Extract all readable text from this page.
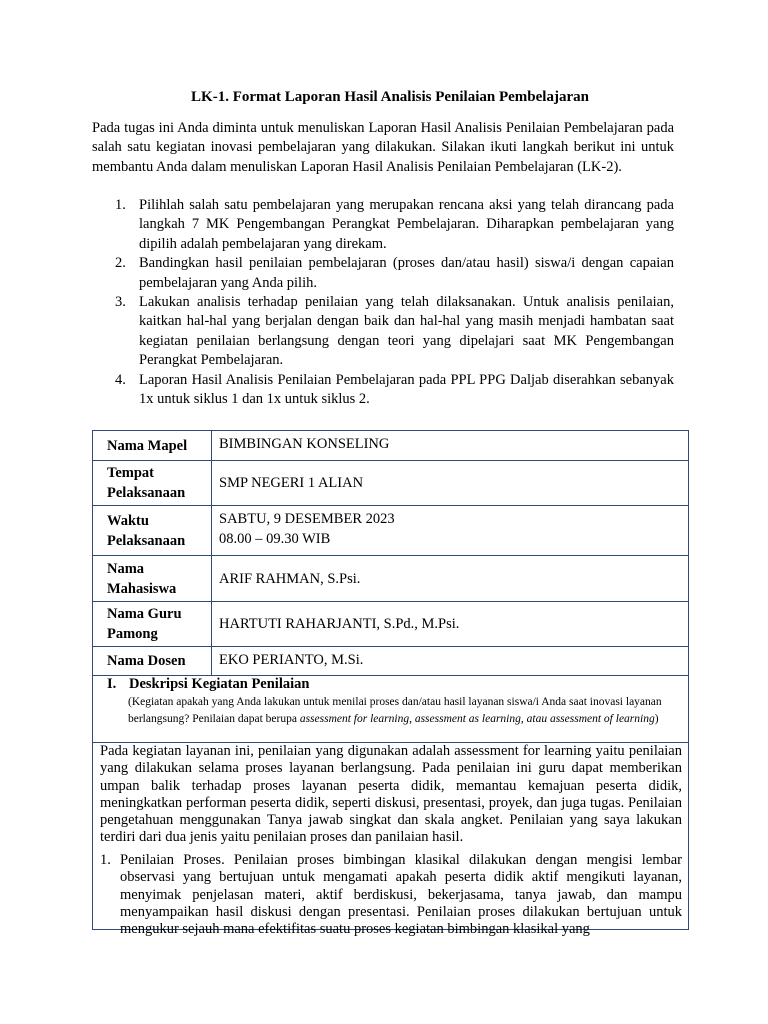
LK-1. Format Laporan Hasil Analisis Penilaian Pembelajaran

Pada tugas ini Anda diminta untuk menuliskan Laporan Hasil Analisis Penilaian Pembelajaran pada salah satu kegiatan inovasi pembelajaran yang dilakukan. Silakan ikuti langkah berikut ini untuk membantu Anda dalam menuliskan Laporan Hasil Analisis Penilaian Pembelajaran (LK-2).

1. Pilihlah salah satu pembelajaran yang merupakan rencana aksi yang telah dirancang pada langkah 7 MK Pengembangan Perangkat Pembelajaran. Diharapkan pembelajaran yang dipilih adalah pembelajaran yang direkam.
2. Bandingkan hasil penilaian pembelajaran (proses dan/atau hasil) siswa/i dengan capaian pembelajaran yang Anda pilih.
3. Lakukan analisis terhadap penilaian yang telah dilaksanakan. Untuk analisis penilaian, kaitkan hal-hal yang berjalan dengan baik dan hal-hal yang masih menjadi hambatan saat kegiatan penilaian berlangsung dengan teori yang dipelajari saat MK Pengembangan Perangkat Pembelajaran.
4. Laporan Hasil Analisis Penilaian Pembelajaran pada PPL PPG Daljab diserahkan sebanyak 1x untuk siklus 1 dan 1x untuk siklus 2.
Nama Mapel	BIMBINGAN KONSELING
Tempat Pelaksanaan	SMP NEGERI 1 ALIAN
Waktu Pelaksanaan	SABTU, 9 DESEMBER 2023
08.00 – 09.30 WIB

Nama Mahasiswa	ARIF RAHMAN, S.Psi.
Nama Guru Pamong	HARTUTI RAHARJANTI, S.Pd., M.Psi.
Nama Dosen	EKO PERIANTO, M.Si.
I. Deskripsi Kegiatan Penilaian

(Kegiatan apakah yang Anda lakukan untuk menilai proses dan/atau hasil layanan siswa/i Anda saat inovasi layanan berlangsung? Penilaian dapat berupa assessment for learning, assessment as learning, atau assessment of learning)

Pada kegiatan layanan ini, penilaian yang digunakan adalah assessment for learning yaitu penilaian yang dilakukan selama proses layanan berlangsung. Pada penilaian ini guru dapat memberikan umpan balik terhadap proses layanan peserta didik, memantau kemajuan peserta didik, meningkatkan performan peserta didik, seperti diskusi, presentasi, proyek, dan juga tugas. Penilaian pengetahuan menggunakan Tanya jawab singkat dan skala angket. Penilaian yang saya lakukan terdiri dari dua jenis yaitu penilaian proses dan panilaian hasil.

1. Penilaian Proses. Penilaian proses bimbingan klasikal dilakukan dengan mengisi lembar observasi yang bertujuan untuk mengamati apakah peserta didik aktif mengikuti layanan, menyimak penjelasan materi, aktif berdiskusi, bekerjasama, tanya jawab, dan mampu menyampaikan hasil diskusi dengan presentasi. Penilaian proses dilakukan bertujuan untuk mengukur sejauh mana efektifitas suatu proses kegiatan bimbingan klasikal yang
